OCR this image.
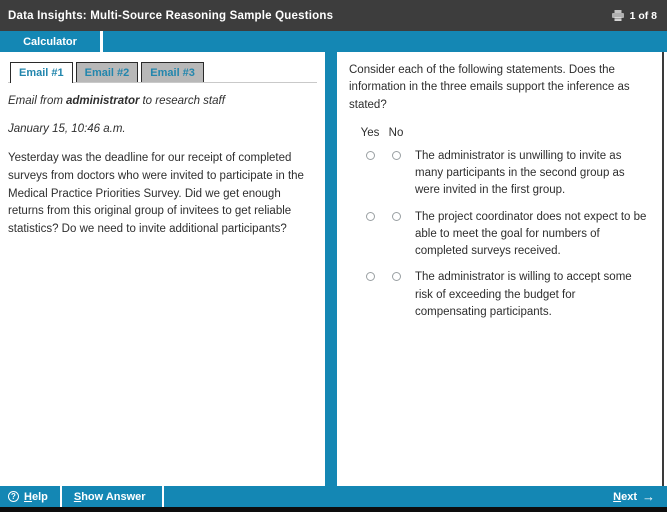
Data Insights: Multi-Source Reasoning Sample Questions	1 of 8
Calculator
Email #1	Email #2	Email #3
Email from administrator to research staff
January 15, 10:46 a.m.
Yesterday was the deadline for our receipt of completed surveys from doctors who were invited to participate in the Medical Practice Priorities Survey. Did we get enough returns from this original group of invitees to get reliable statistics? Do we need to invite additional participants?
Consider each of the following statements. Does the information in the three emails support the inference as stated?
Yes No
The administrator is unwilling to invite as many participants in the second group as were invited in the first group.
The project coordinator does not expect to be able to meet the goal for numbers of completed surveys received.
The administrator is willing to accept some risk of exceeding the budget for compensating participants.
? Help Show Answer	Next →
